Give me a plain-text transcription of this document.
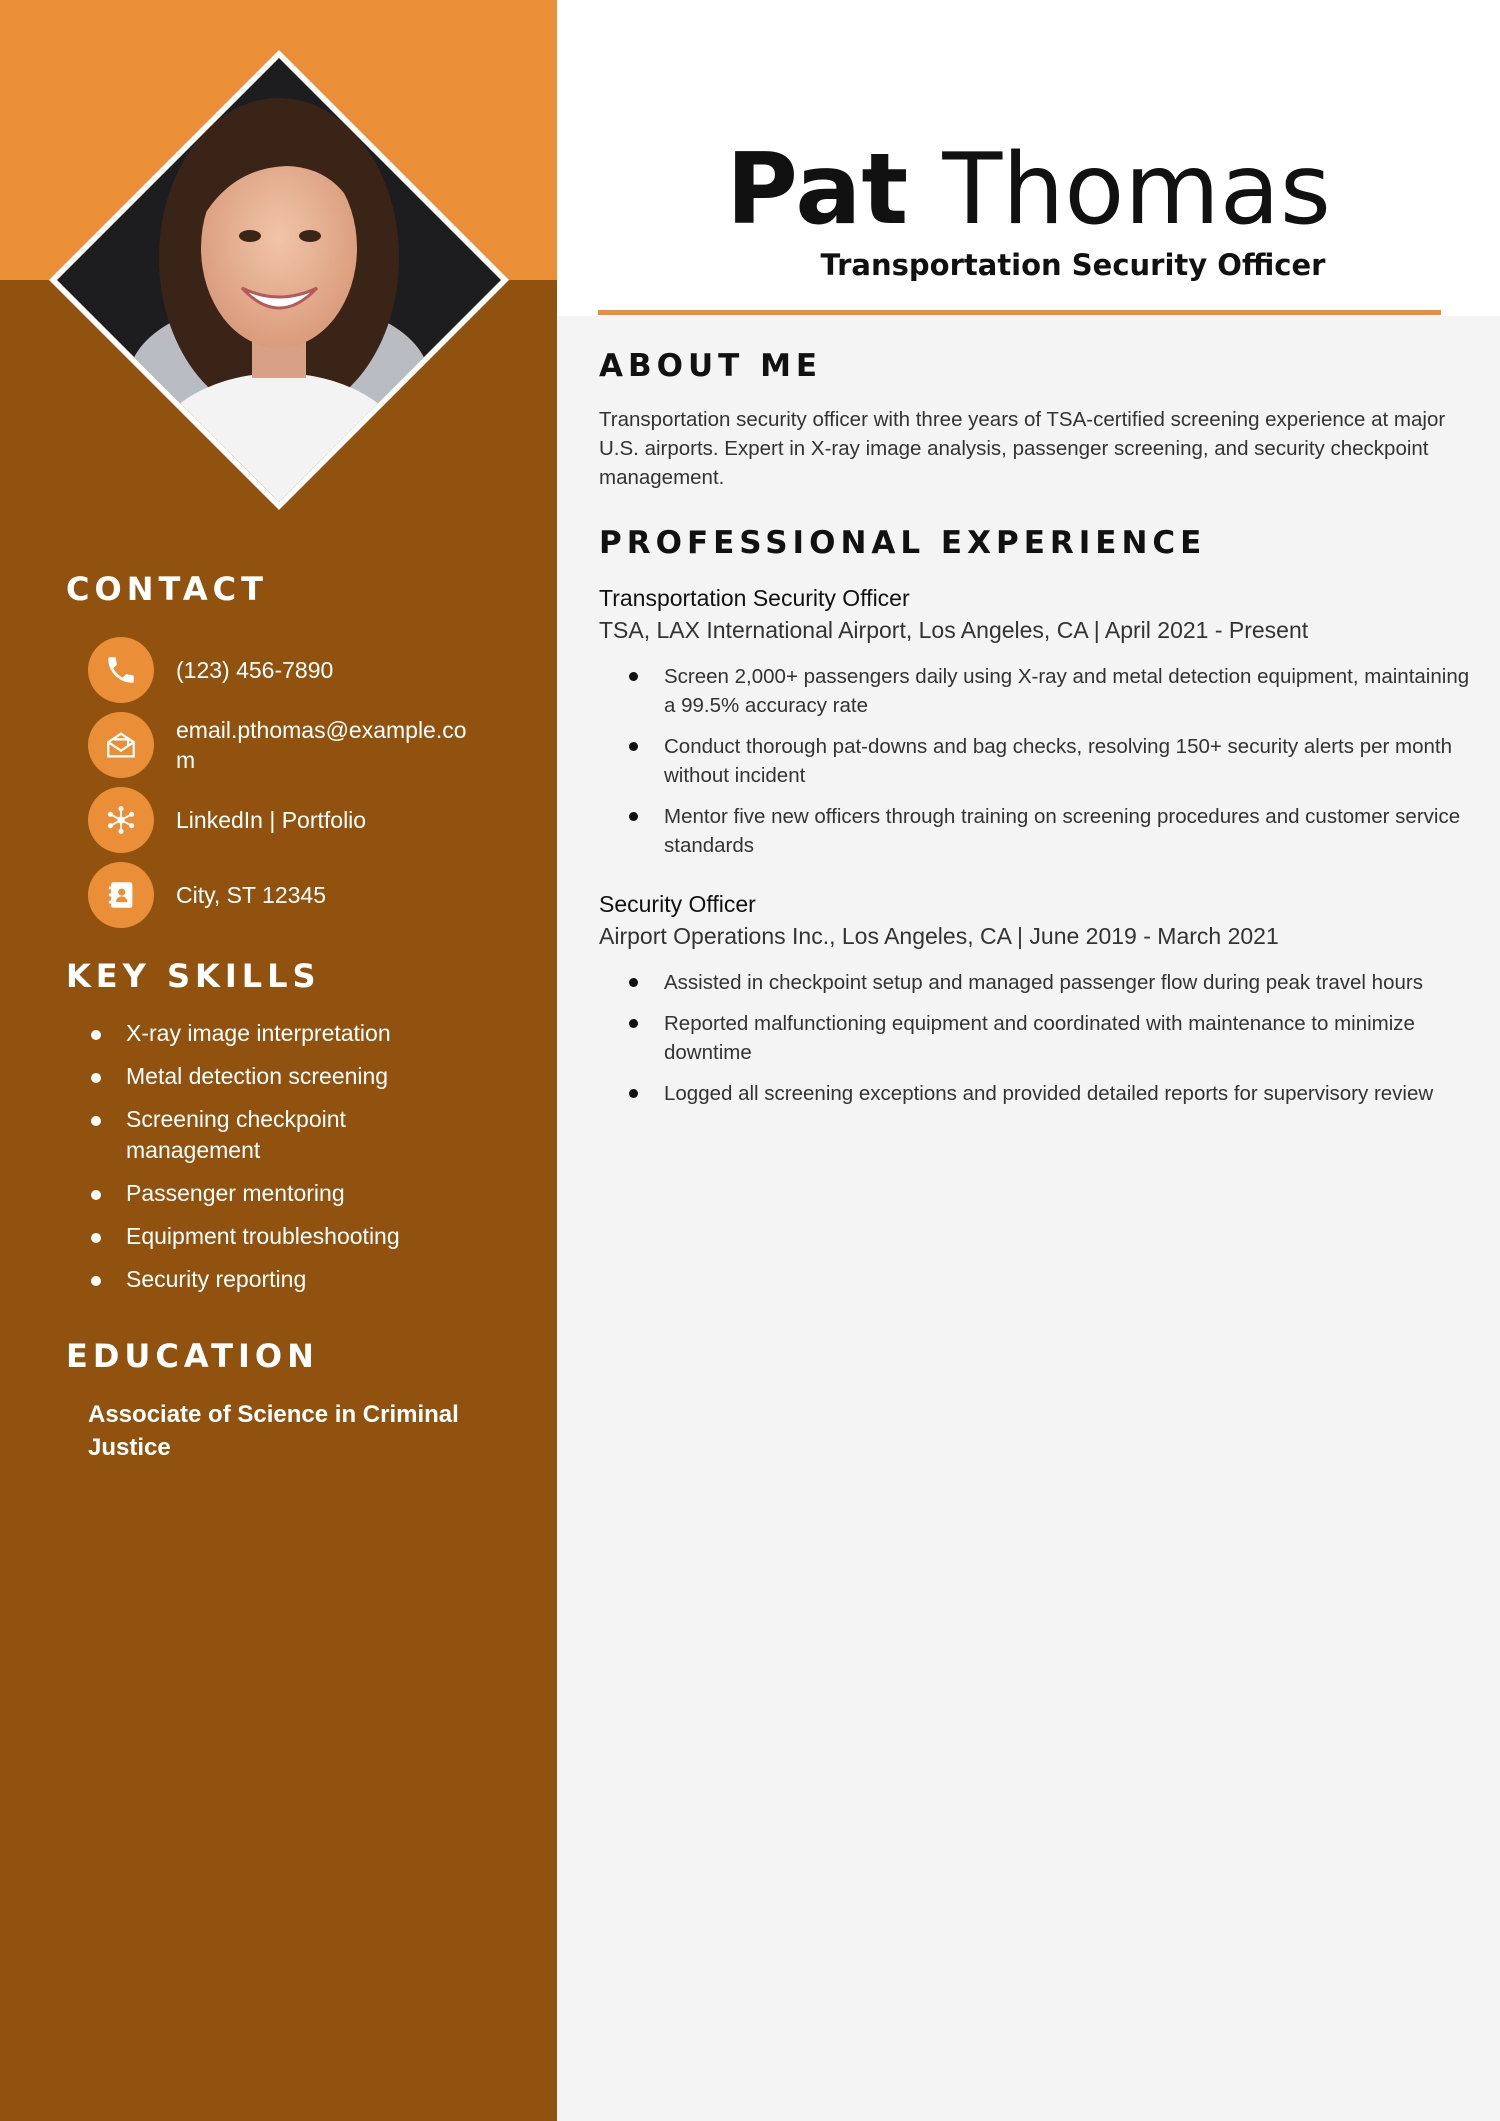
CONTACT
(123) 456-7890
email.pthomas@example.com
LinkedIn | Portfolio
City, ST 12345
KEY SKILLS
X-ray image interpretation
Metal detection screening
Screening checkpoint management
Passenger mentoring
Equipment troubleshooting
Security reporting
EDUCATION

Associate of Science in Criminal Justice

Pat Thomas

Transportation Security Officer

ABOUT ME

Transportation security officer with three years of TSA-certified screening experience at major U.S. airports. Expert in X-ray image analysis, passenger screening, and security checkpoint management.

PROFESSIONAL EXPERIENCE

Transportation Security Officer

TSA, LAX International Airport, Los Angeles, CA | April 2021 - Present

Screen 2,000+ passengers daily using X-ray and metal detection equipment, maintaining a 99.5% accuracy rate
Conduct thorough pat-downs and bag checks, resolving 150+ security alerts per month without incident
Mentor five new officers through training on screening procedures and customer service standards

Security Officer

Airport Operations Inc., Los Angeles, CA | June 2019 - March 2021

Assisted in checkpoint setup and managed passenger flow during peak travel hours
Reported malfunctioning equipment and coordinated with maintenance to minimize downtime
Logged all screening exceptions and provided detailed reports for supervisory review
